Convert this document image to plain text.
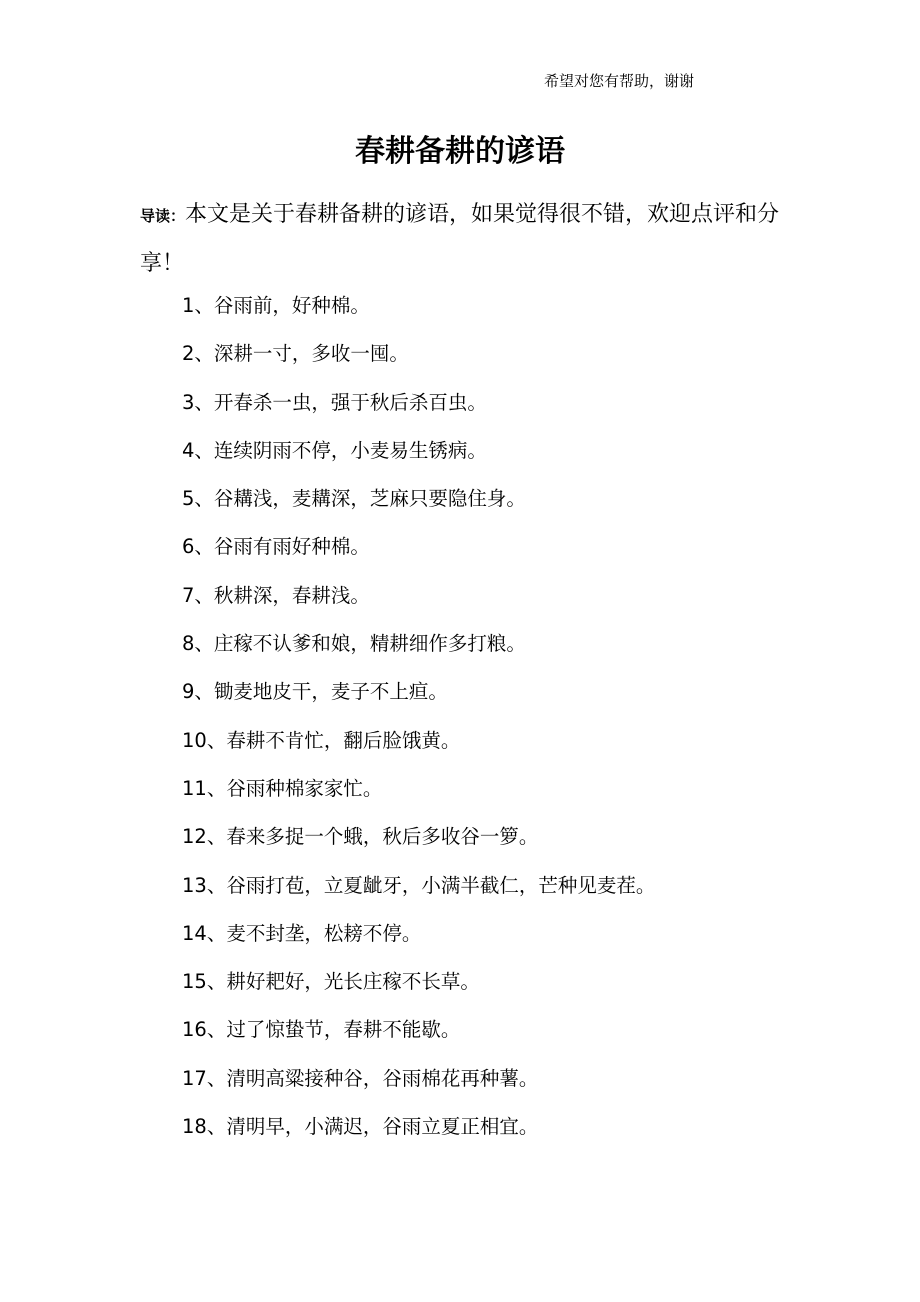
希望对您有帮助，谢谢
春耕备耕的谚语

导读：本文是关于春耕备耕的谚语，如果觉得很不错，欢迎点评和分享！

1、谷雨前，好种棉。
2、深耕一寸，多收一囤。
3、开春杀一虫，强于秋后杀百虫。
4、连续阴雨不停，小麦易生锈病。
5、谷耩浅，麦耩深，芝麻只要隐住身。
6、谷雨有雨好种棉。
7、秋耕深，春耕浅。
8、庄稼不认爹和娘，精耕细作多打粮。
9、锄麦地皮干，麦子不上疸。
10、春耕不肯忙，翻后脸饿黄。
11、谷雨种棉家家忙。
12、春来多捉一个蛾，秋后多收谷一箩。
13、谷雨打苞，立夏龇牙，小满半截仁，芒种见麦茬。
14、麦不封垄，松耪不停。
15、耕好耙好，光长庄稼不长草。
16、过了惊蛰节，春耕不能歇。
17、清明高粱接种谷，谷雨棉花再种薯。
18、清明早，小满迟，谷雨立夏正相宜。
